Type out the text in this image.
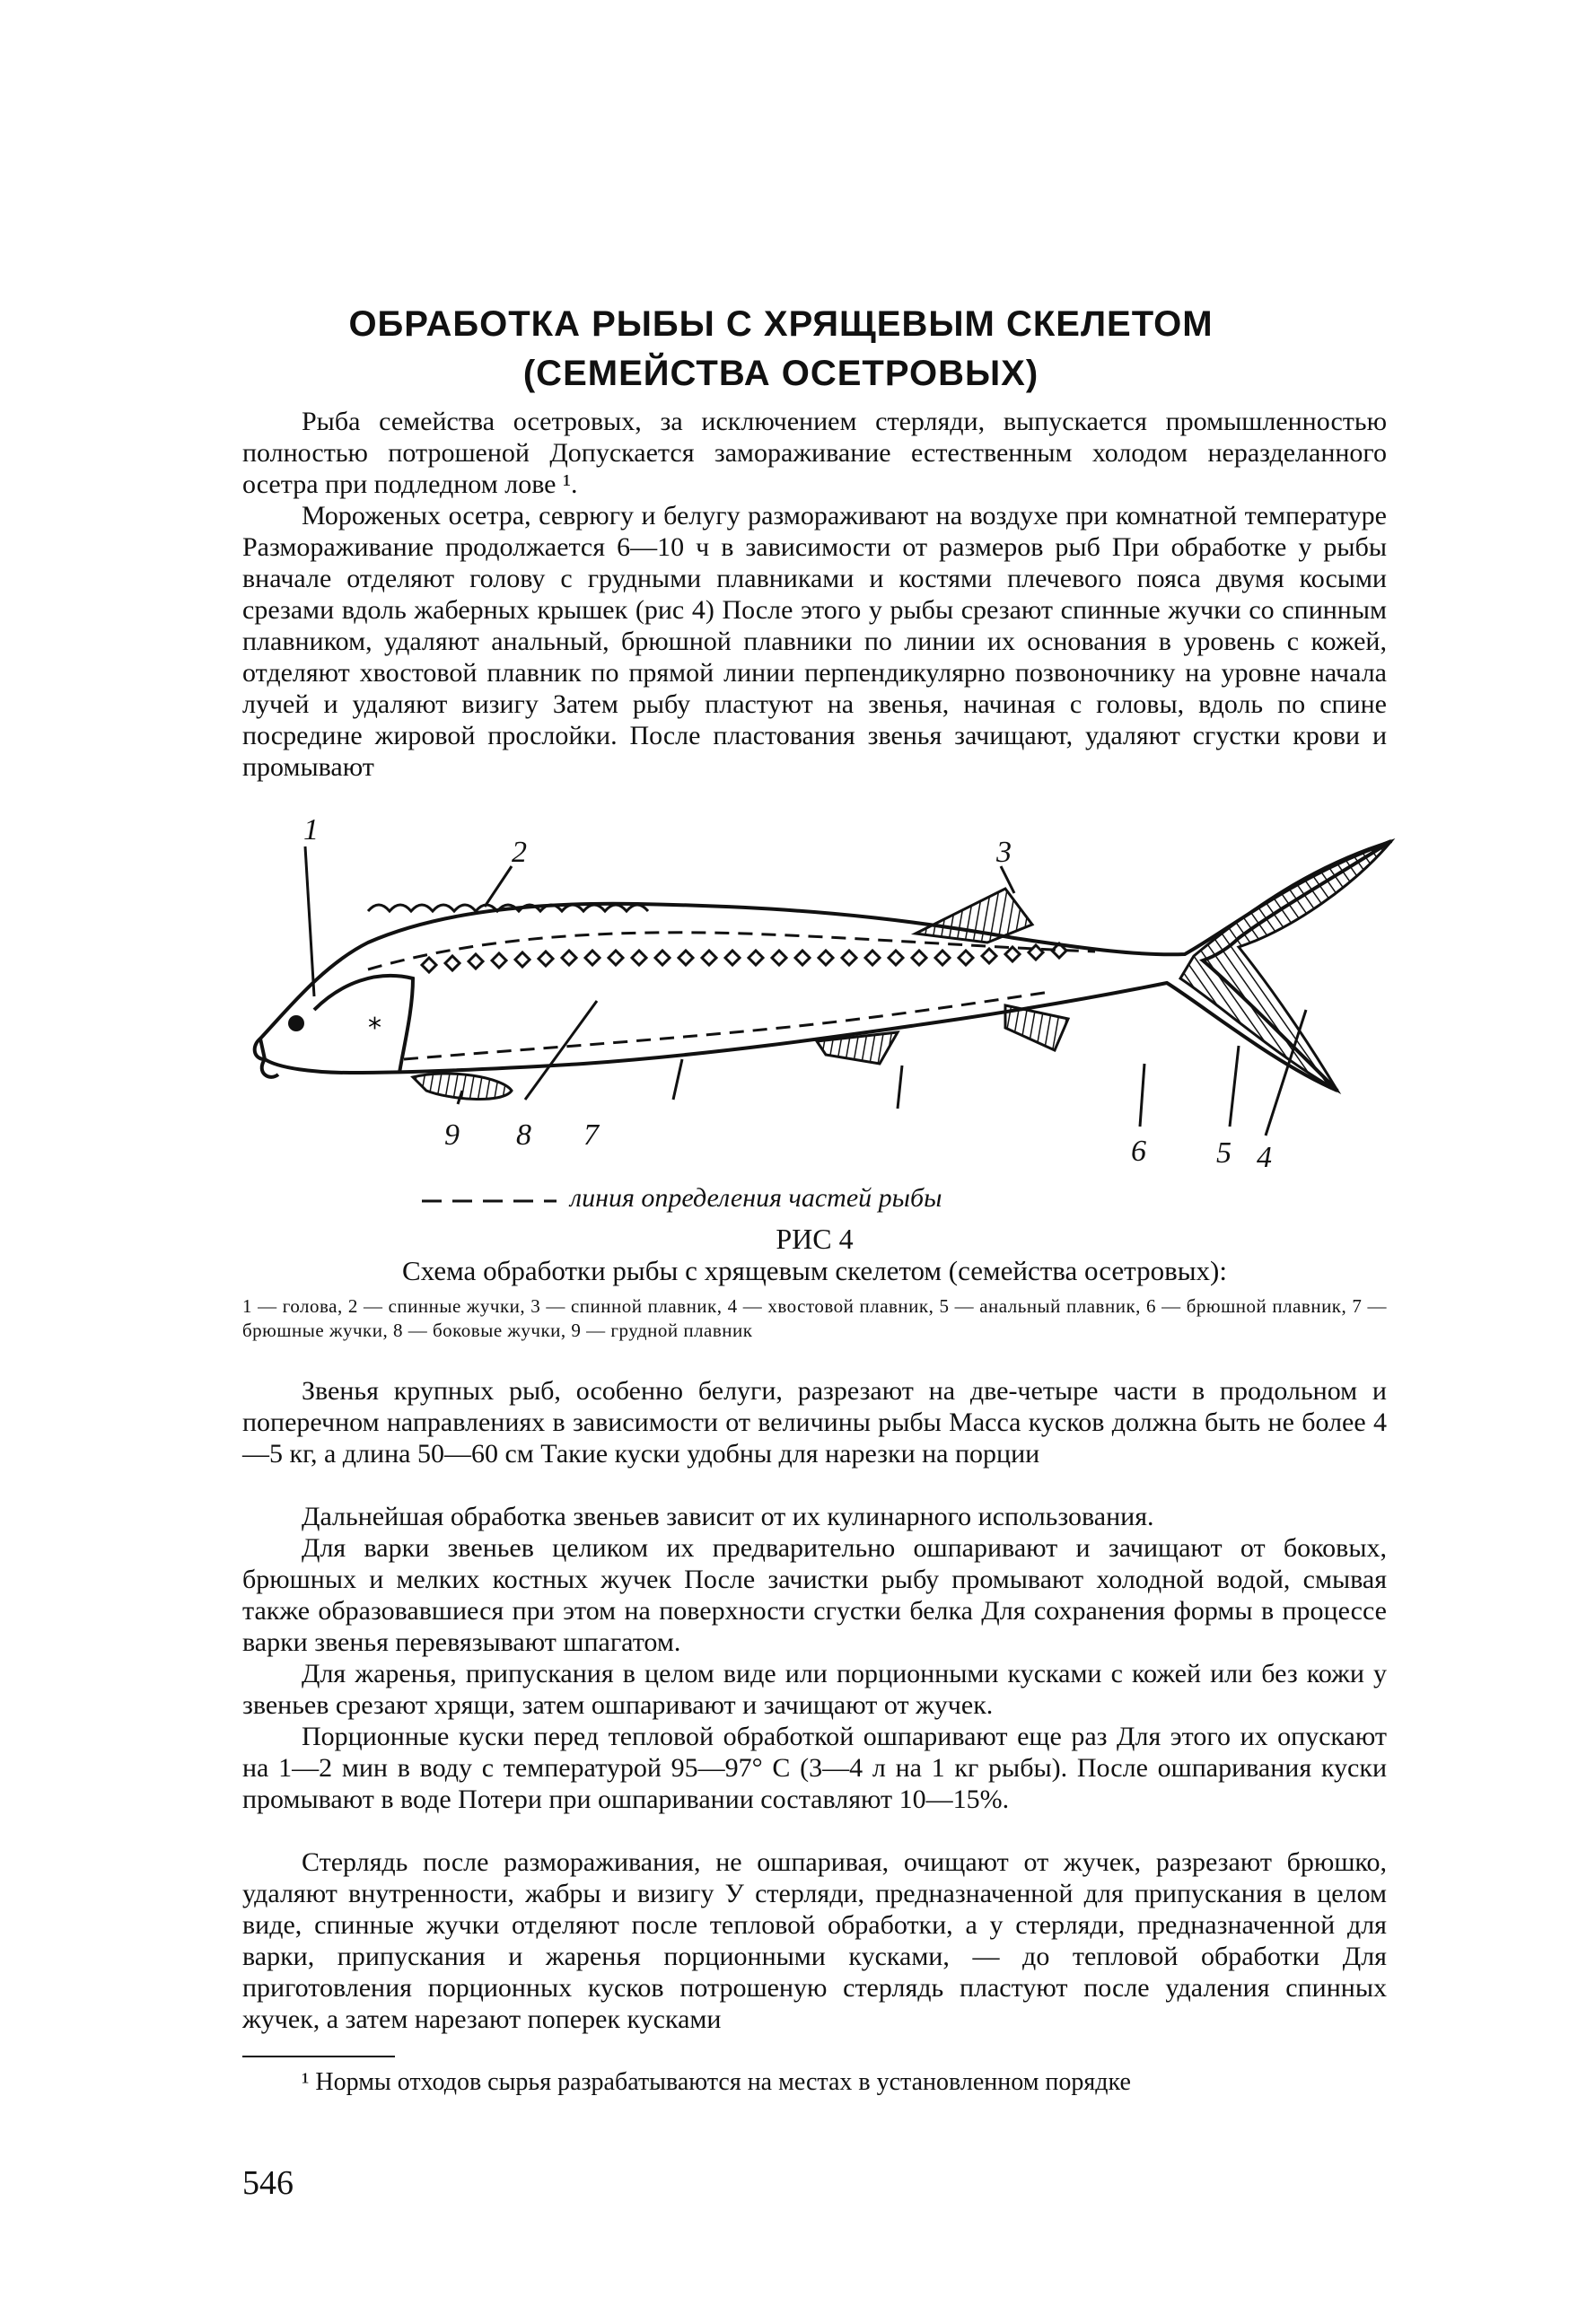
ОБРАБОТКА РЫБЫ С ХРЯЩЕВЫМ СКЕЛЕТОМ
(СЕМЕЙСТВА ОСЕТРОВЫХ)

Рыба семейства осетровых, за исключением стерляди, выпускается промышленностью полностью потрошеной Допускается замораживание естественным холодом неразделанного осетра при подледном лове ¹.

Мороженых осетра, севрюгу и белугу размораживают на воздухе при комнатной температуре Размораживание продолжается 6—10 ч в зависимости от размеров рыб При обработке у рыбы вначале отделяют голову с грудными плавниками и костями плечевого пояса двумя косыми срезами вдоль жаберных крышек (рис 4) После этого у рыбы срезают спинные жучки со спинным плавником, удаляют анальный, брюшной плавники по линии их основания в уровень с кожей, отделяют хвостовой плавник по прямой линии перпендикулярно позвоночнику на уровне начала лучей и удаляют визигу Затем рыбу пластуют на звенья, начиная с головы, вдоль по спине посредине жировой прослойки. После пластования звенья зачищают, удаляют сгустки крови и промывают

*
1
2	3
4
5
6
7
8
9
линия определения частей рыбы
РИС 4
Схема обработки рыбы с хрящевым скелетом (семейства осетровых):
1 — голова, 2 — спинные жучки, 3 — спинной плавник, 4 — хвостовой плавник, 5 — анальный плавник, 6 — брюшной плавник, 7 — брюшные жучки, 8 — боковые жучки, 9 — грудной плавник

Звенья крупных рыб, особенно белуги, разрезают на две-четыре части в продольном и поперечном направлениях в зависимости от величины рыбы Масса кусков должна быть не более 4—5 кг, а длина 50—60 см Такие куски удобны для нарезки на порции

Дальнейшая обработка звеньев зависит от их кулинарного использования.

Для варки звеньев целиком их предварительно ошпаривают и зачищают от боковых, брюшных и мелких костных жучек После зачистки рыбу промывают холодной водой, смывая также образовавшиеся при этом на поверхности сгустки белка Для сохранения формы в процессе варки звенья перевязывают шпагатом.

Для жаренья, припускания в целом виде или порционными кусками с кожей или без кожи у звеньев срезают хрящи, затем ошпаривают и зачищают от жучек.

Порционные куски перед тепловой обработкой ошпаривают еще раз Для этого их опускают на 1—2 мин в воду с температурой 95—97° С (3—4 л на 1 кг рыбы). После ошпаривания куски промывают в воде Потери при ошпаривании составляют 10—15%.

Стерлядь после размораживания, не ошпаривая, очищают от жучек, разрезают брюшко, удаляют внутренности, жабры и визигу У стерляди, предназначенной для припускания в целом виде, спинные жучки отделяют после тепловой обработки, а у стерляди, предназначенной для варки, припускания и жаренья порционными кусками, — до тепловой обработки Для приготовления порционных кусков потрошеную стерлядь пластуют после удаления спинных жучек, а затем нарезают поперек кусками

¹ Нормы отходов сырья разрабатываются на местах в установленном порядке

546
